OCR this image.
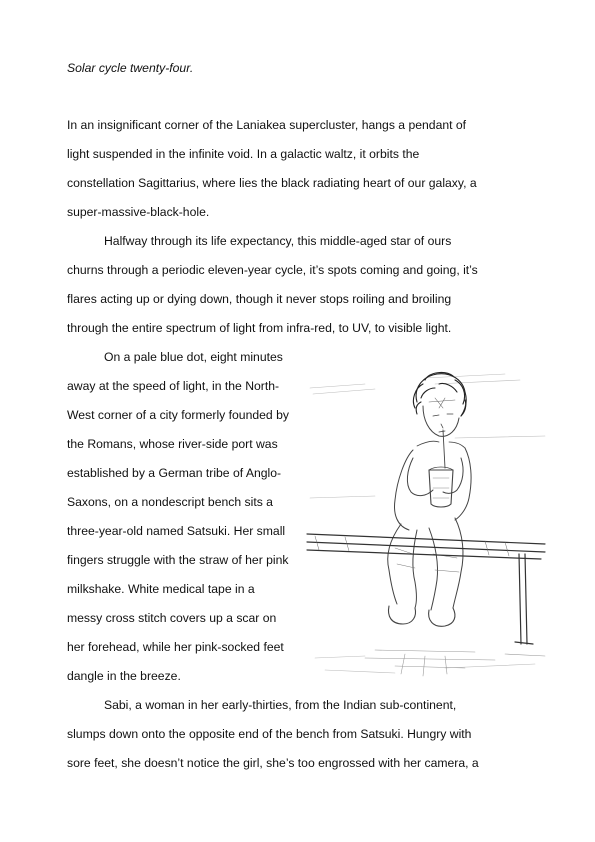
Solar cycle twenty-four.
In an insignificant corner of the Laniakea supercluster, hangs a pendant of
light suspended in the infinite void. In a galactic waltz, it orbits the
constellation Sagittarius, where lies the black radiating heart of our galaxy, a
super-massive-black-hole.
Halfway through its life expectancy, this middle-aged star of ours
churns through a periodic eleven-year cycle, it’s spots coming and going, it’s
flares acting up or dying down, though it never stops roiling and broiling
through the entire spectrum of light from infra-red, to UV, to visible light.
On a pale blue dot, eight minutes
away at the speed of light, in the North-
West corner of a city formerly founded by
the Romans, whose river-side port was
established by a German tribe of Anglo-
Saxons, on a nondescript bench sits a
three-year-old named Satsuki. Her small
fingers struggle with the straw of her pink
milkshake. White medical tape in a
messy cross stitch covers up a scar on
her forehead, while her pink-socked feet
dangle in the breeze.
Sabi, a woman in her early-thirties, from the Indian sub-continent,
slumps down onto the opposite end of the bench from Satsuki. Hungry with
sore feet, she doesn’t notice the girl, she’s too engrossed with her camera, a
